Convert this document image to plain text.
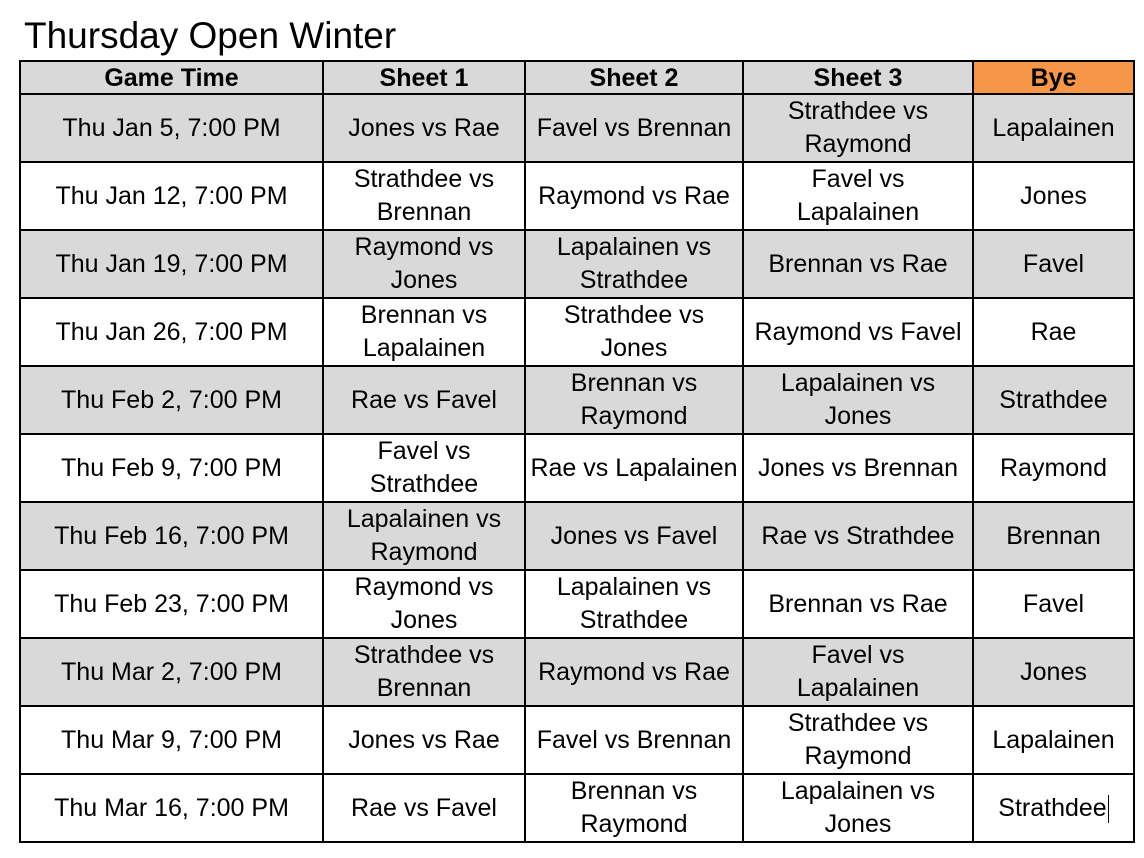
Thursday Open Winter
Game Time	Sheet 1	Sheet 2	Sheet 3	Bye
Thu Jan 5, 7:00 PM	Jones vs Rae	Favel vs Brennan	Strathdee vs Raymond	Lapalainen
Thu Jan 12, 7:00 PM	Strathdee vs Brennan	Raymond vs Rae	Favel vs Lapalainen	Jones
Thu Jan 19, 7:00 PM	Raymond vs Jones	Lapalainen vs Strathdee	Brennan vs Rae	Favel
Thu Jan 26, 7:00 PM	Brennan vs Lapalainen	Strathdee vs Jones	Raymond vs Favel	Rae
Thu Feb 2, 7:00 PM	Rae vs Favel	Brennan vs Raymond	Lapalainen vs Jones	Strathdee
Thu Feb 9, 7:00 PM	Favel vs Strathdee	Rae vs Lapalainen	Jones vs Brennan	Raymond
Thu Feb 16, 7:00 PM	Lapalainen vs Raymond	Jones vs Favel	Rae vs Strathdee	Brennan
Thu Feb 23, 7:00 PM	Raymond vs Jones	Lapalainen vs Strathdee	Brennan vs Rae	Favel
Thu Mar 2, 7:00 PM	Strathdee vs Brennan	Raymond vs Rae	Favel vs Lapalainen	Jones
Thu Mar 9, 7:00 PM	Jones vs Rae	Favel vs Brennan	Strathdee vs Raymond	Lapalainen
Thu Mar 16, 7:00 PM	Rae vs Favel	Brennan vs Raymond	Lapalainen vs Jones	Strathdee
